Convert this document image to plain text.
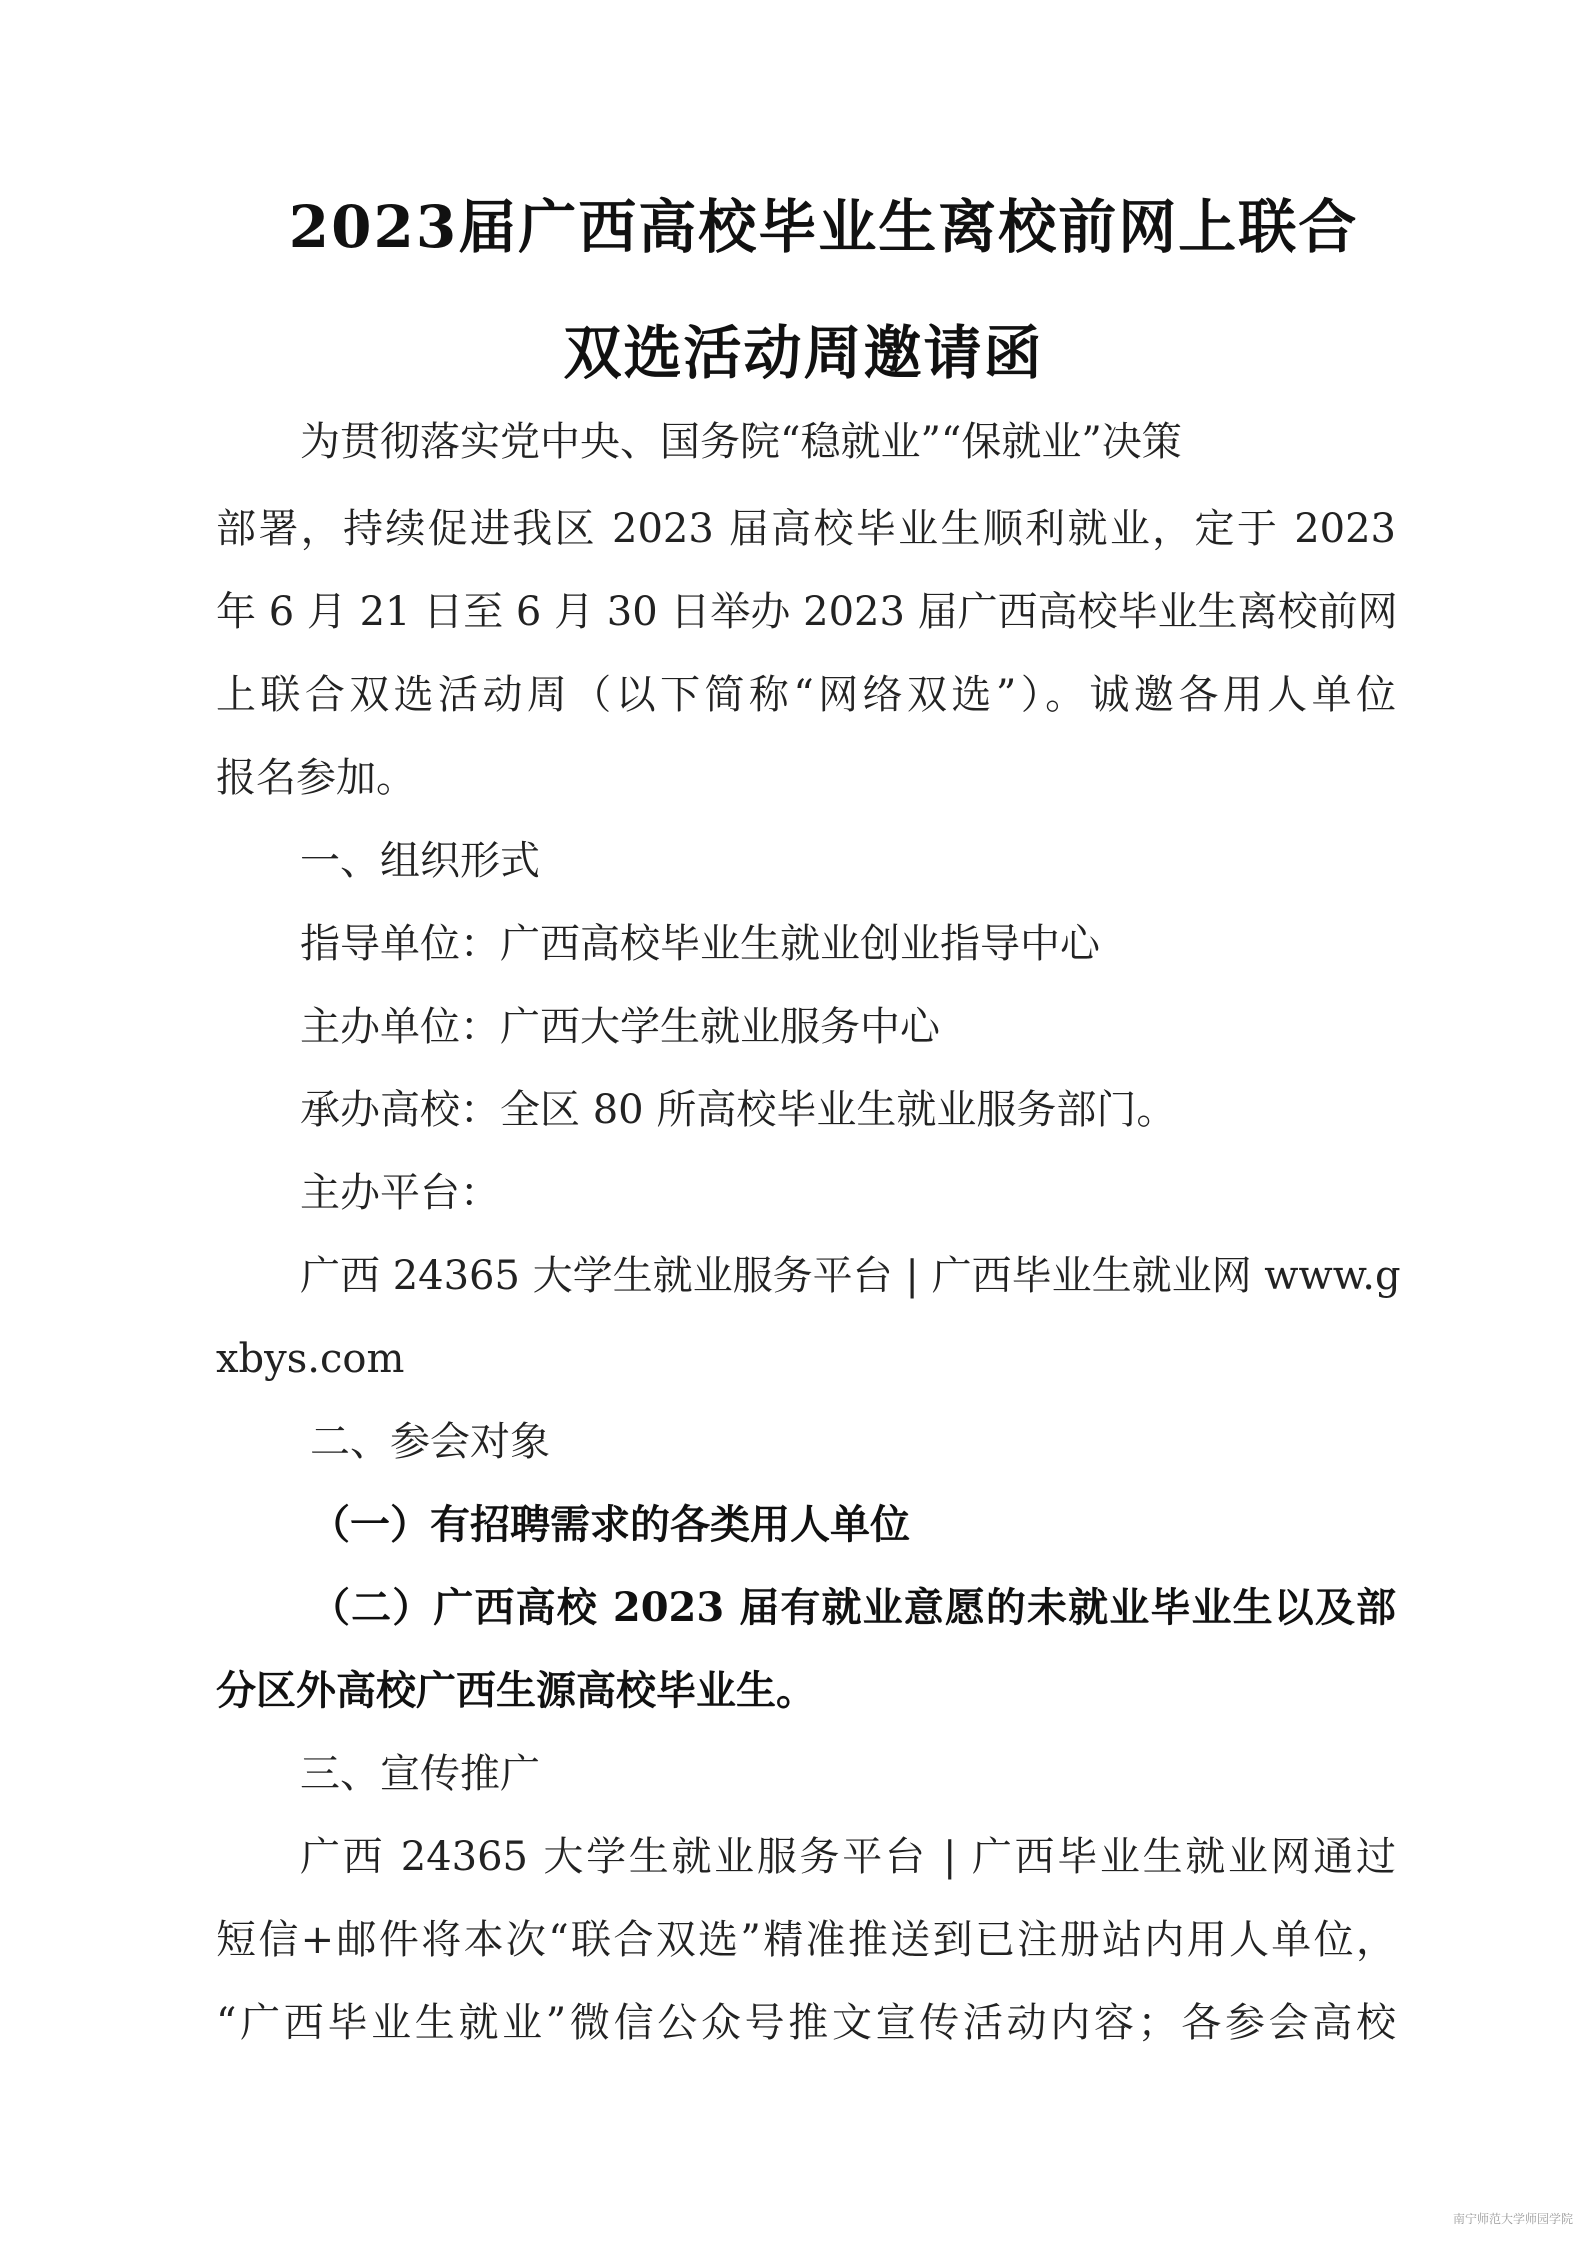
2023届广西高校毕业生离校前网上联合
双选活动周邀请函
为贯彻落实党中央、国务院“稳就业”“保就业”决策
部署，持续促进我区 2023 届高校毕业生顺利就业，定于 2023
年 6 月 21 日至 6 月 30 日举办 2023 届广西高校毕业生离校前网
上联合双选活动周（以下简称“网络双选”）。诚邀各用人单位
报名参加。
一、组织形式
指导单位：广西高校毕业生就业创业指导中心
主办单位：广西大学生就业服务中心
承办高校：全区 80 所高校毕业生就业服务部门。
主办平台：
广西 24365 大学生就业服务平台 | 广西毕业生就业网 www.g
xbys.com
二、参会对象
（一）有招聘需求的各类用人单位
（二）广西高校 2023 届有就业意愿的未就业毕业生以及部
分区外高校广西生源高校毕业生。
三、宣传推广
广西 24365 大学生就业服务平台 | 广西毕业生就业网通过
短信+邮件将本次“联合双选”精准推送到已注册站内用人单位，
“广西毕业生就业”微信公众号推文宣传活动内容；各参会高校
南宁师范大学师园学院
